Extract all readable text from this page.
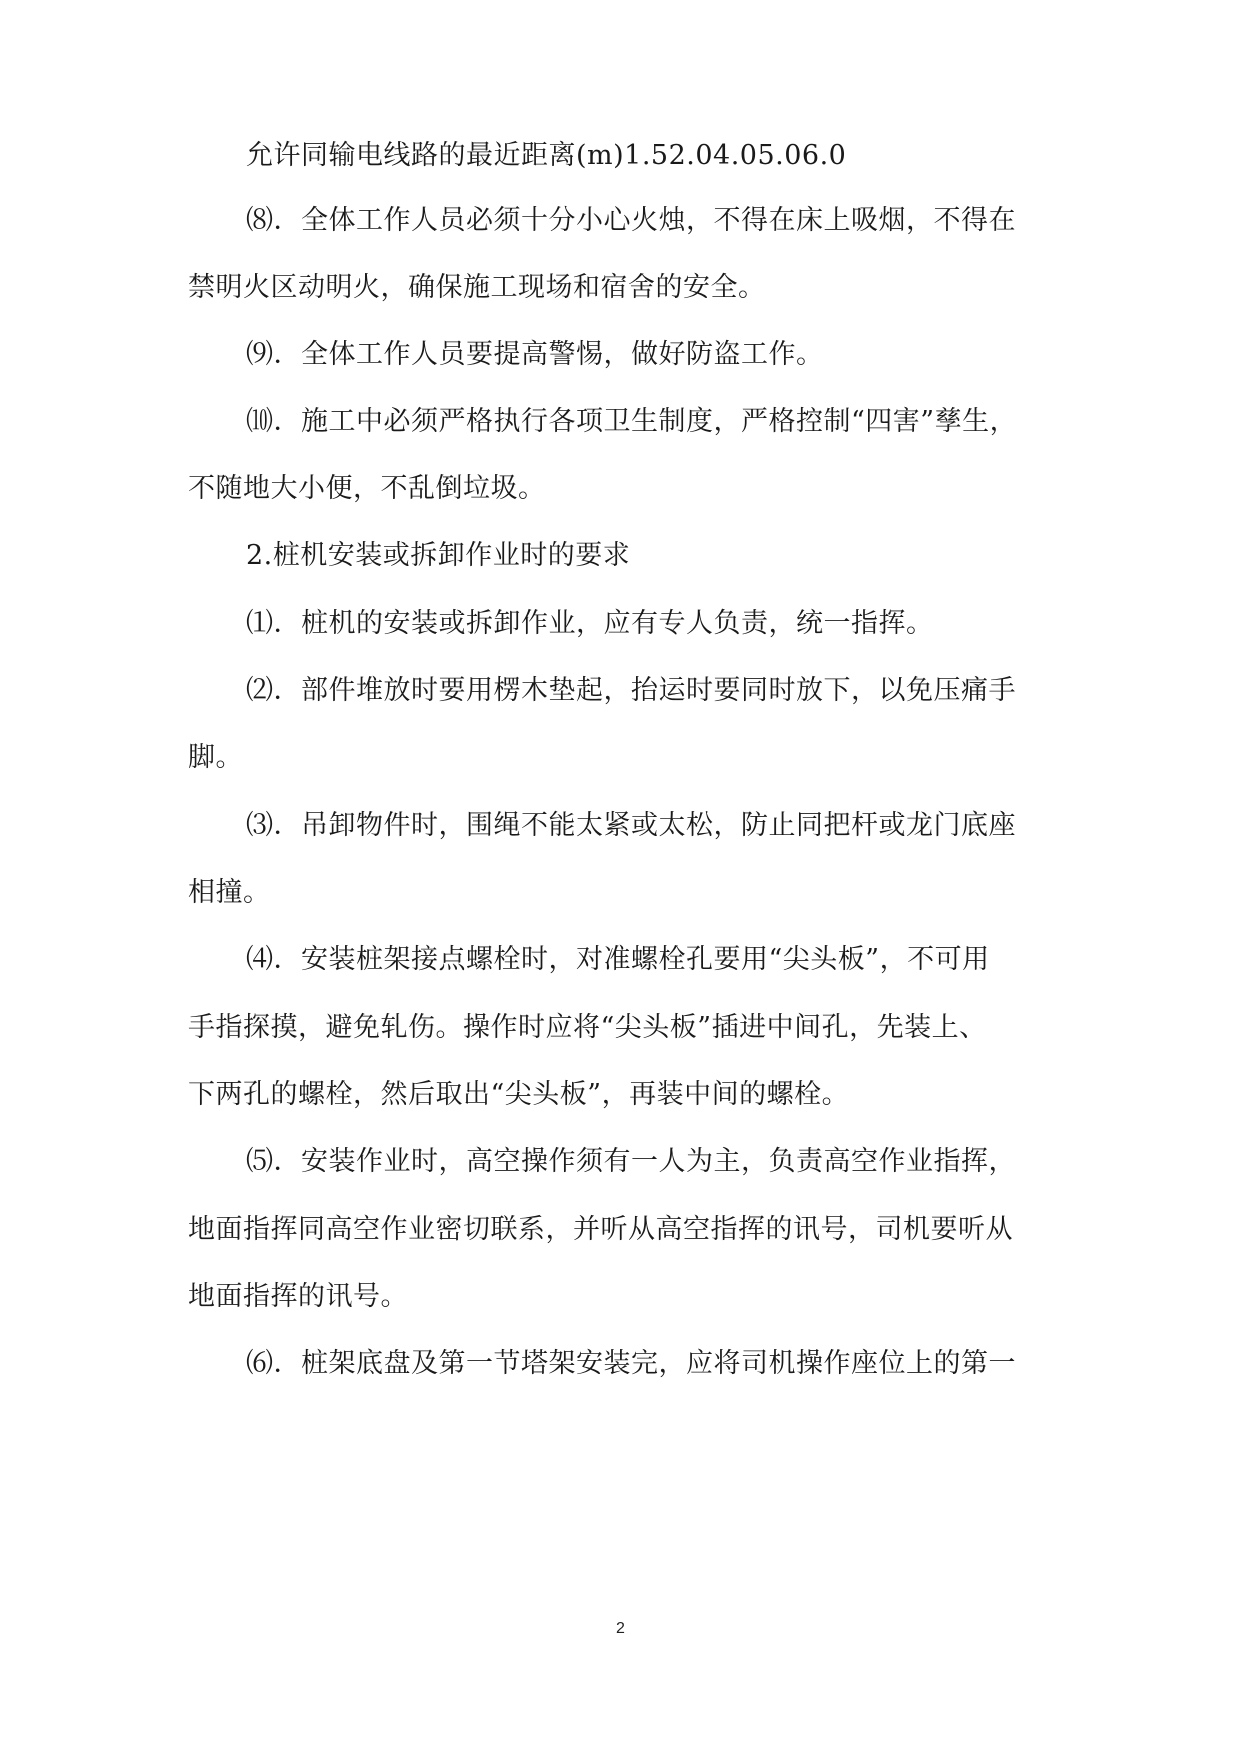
允许同输电线路的最近距离(m)1.52.04.05.06.0
⑻．全体工作人员必须十分小心火烛，不得在床上吸烟，不得在
禁明火区动明火，确保施工现场和宿舍的安全。
⑼．全体工作人员要提高警惕，做好防盗工作。
⑽．施工中必须严格执行各项卫生制度，严格控制“四害”孳生，
不随地大小便，不乱倒垃圾。
2.桩机安装或拆卸作业时的要求
⑴．桩机的安装或拆卸作业，应有专人负责，统一指挥。
⑵．部件堆放时要用楞木垫起，抬运时要同时放下，以免压痛手
脚。
⑶．吊卸物件时，围绳不能太紧或太松，防止同把杆或龙门底座
相撞。
⑷．安装桩架接点螺栓时，对准螺栓孔要用“尖头板”，不可用
手指探摸，避免轧伤。操作时应将“尖头板”插进中间孔，先装上、
下两孔的螺栓，然后取出“尖头板”，再装中间的螺栓。
⑸．安装作业时，高空操作须有一人为主，负责高空作业指挥，
地面指挥同高空作业密切联系，并听从高空指挥的讯号，司机要听从
地面指挥的讯号。
⑹．桩架底盘及第一节塔架安装完，应将司机操作座位上的第一
2
